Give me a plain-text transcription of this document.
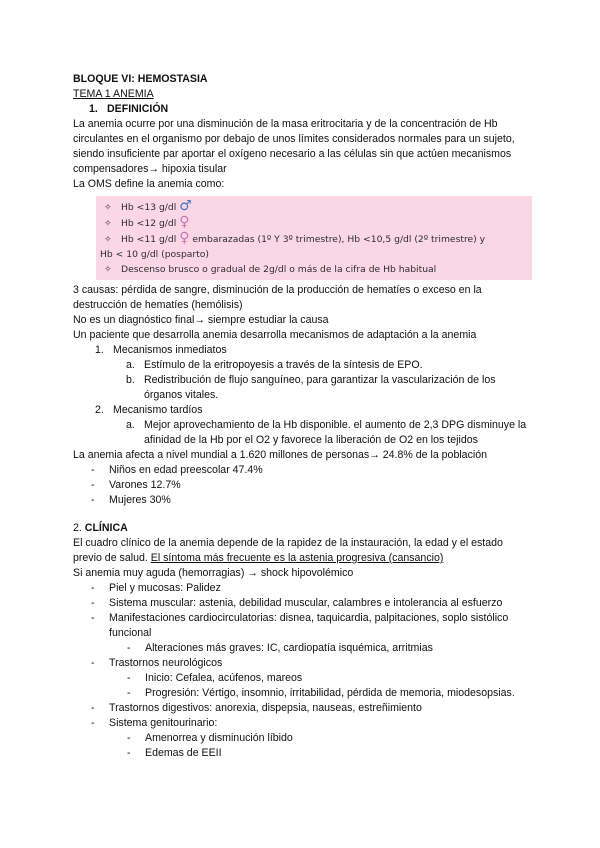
BLOQUE VI: HEMOSTASIA

TEMA 1 ANEMIA

1. DEFINICIÓN

La anemia ocurre por una disminución de la masa eritrocitaria y de la concentración de Hb circulantes en el organismo por debajo de unos límites considerados normales para un sujeto, siendo insuficiente par aportar el oxígeno necesario a las células sin que actúen mecanismos compensadores→ hipoxia tisular

La OMS define la anemia como:

✧ Hb <13 g/dl ♂
✧ Hb <12 g/dl ♀
✧ Hb <11 g/dl ♀ embarazadas (1º Y 3º trimestre), Hb <10,5 g/dl (2º trimestre) y
Hb < 10 g/dl (posparto)
✧ Descenso brusco o gradual de 2g/dl o más de la cifra de Hb habitual

3 causas: pérdida de sangre, disminución de la producción de hematíes o exceso en la destrucción de hematíes (hemólisis)

No es un diagnóstico final→ siempre estudiar la causa

Un paciente que desarrolla anemia desarrolla mecanismos de adaptación a la anemia

1. Mecanismos inmediatos
a. Estímulo de la eritropoyesis a través de la síntesis de EPO.
b. Redistribución de flujo sanguíneo, para garantizar la vascularización de los órganos vitales.
2. Mecanismo tardíos
a. Mejor aprovechamiento de la Hb disponible. el aumento de 2,3 DPG disminuye la afinidad de la Hb por el O2 y favorece la liberación de O2 en los tejidos

La anemia afecta a nivel mundial a 1.620 millones de personas→ 24.8% de la población

- Niños en edad preescolar 47.4%
- Varones 12.7%
- Mujeres 30%

2. CLÍNICA

El cuadro clínico de la anemia depende de la rapidez de la instauración, la edad y el estado previo de salud. El síntoma más frecuente es la astenia progresiva (cansancio)

Si anemia muy aguda (hemorragias) → shock hipovolémico

- Piel y mucosas: Palidez
- Sistema muscular: astenia, debilidad muscular, calambres e intolerancia al esfuerzo
- Manifestaciones cardiocirculatorias: disnea, taquicardia, palpitaciones, soplo sistólico funcional
- Alteraciones más graves: IC, cardiopatía isquémica, arritmias
- Trastornos neurológicos
- Inicio: Cefalea, acúfenos, mareos
- Progresión: Vértigo, insomnio, irritabilidad, pérdida de memoria, miodesopsias.
- Trastornos digestivos: anorexia, dispepsia, nauseas, estreñimiento
- Sistema genitourinario:
- Amenorrea y disminución líbido
- Edemas de EEII
